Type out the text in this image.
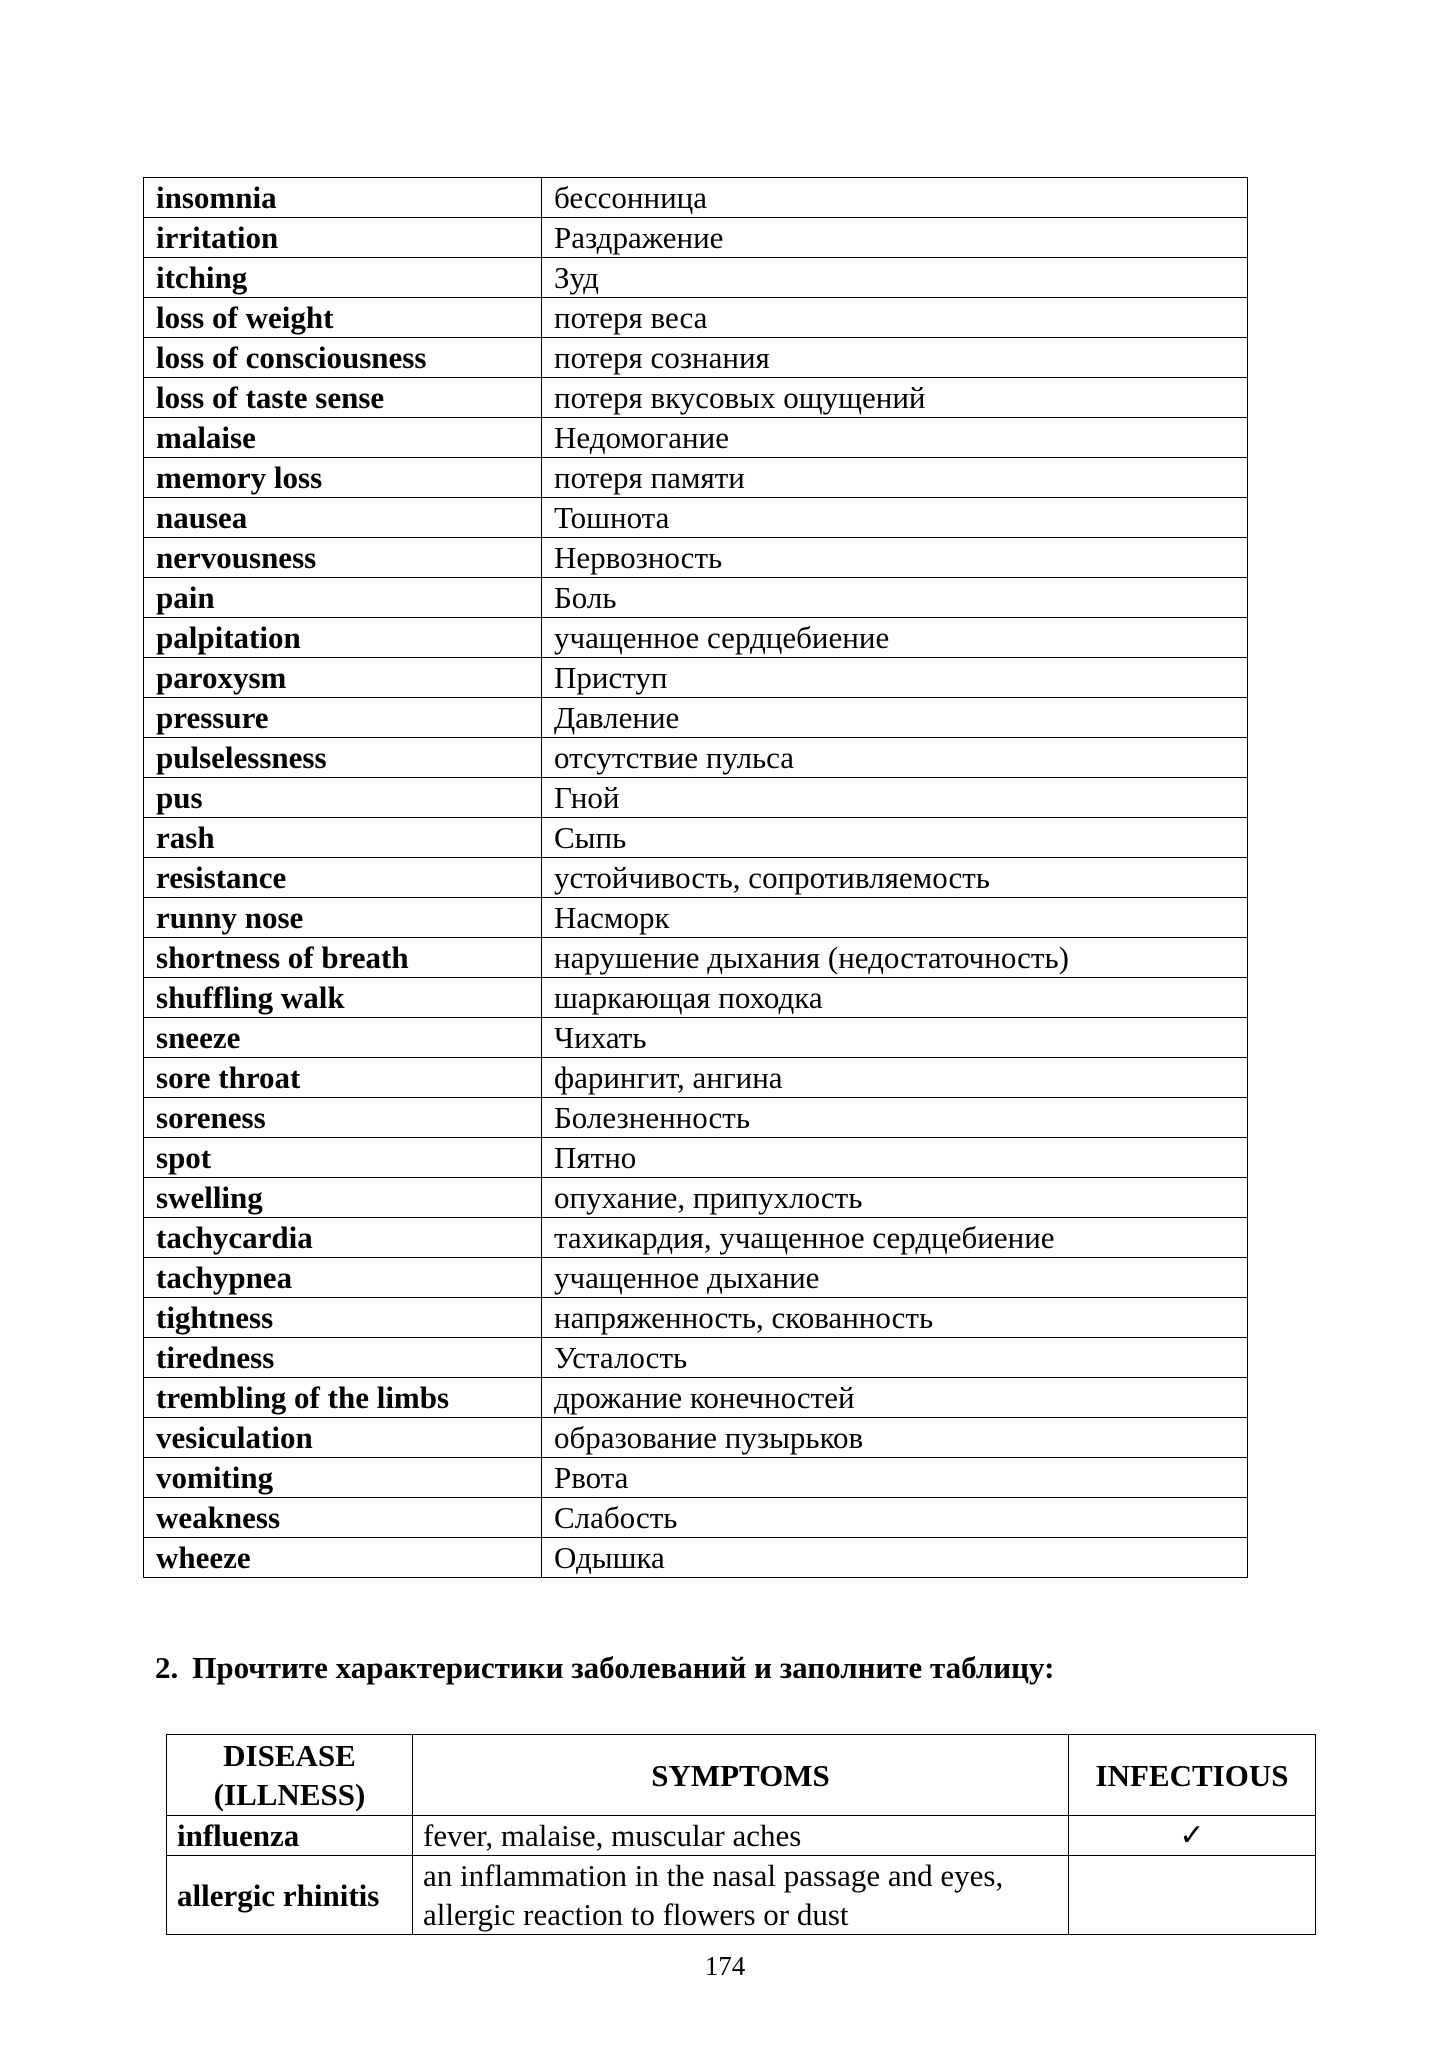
insomnia	бессонница
irritation	Раздражение
itching	Зуд
loss of weight	потеря веса
loss of consciousness	потеря сознания
loss of taste sense	потеря вкусовых ощущений
malaise	Недомогание
memory loss	потеря памяти
nausea	Тошнота
nervousness	Нервозность
pain	Боль
palpitation	учащенное сердцебиение
paroxysm	Приступ
pressure	Давление
pulselessness	отсутствие пульса
pus	Гной
rash	Сыпь
resistance	устойчивость, сопротивляемость
runny nose	Насморк
shortness of breath	нарушение дыхания (недостаточность)
shuffling walk	шаркающая походка
sneeze	Чихать
sore throat	фарингит, ангина
soreness	Болезненность
spot	Пятно
swelling	опухание, припухлость
tachycardia	тахикардия, учащенное сердцебиение
tachypnea	учащенное дыхание
tightness	напряженность, скованность
tiredness	Усталость
trembling of the limbs	дрожание конечностей
vesiculation	образование пузырьков
vomiting	Рвота
weakness	Слабость
wheeze	Одышка
2. Прочтите характеристики заболеваний и заполните таблицу:
DISEASE (ILLNESS)	SYMPTOMS	INFECTIOUS
influenza	fever, malaise, muscular aches	✓
allergic rhinitis	an inflammation in the nasal passage and eyes, allergic reaction to flowers or dust	
174
